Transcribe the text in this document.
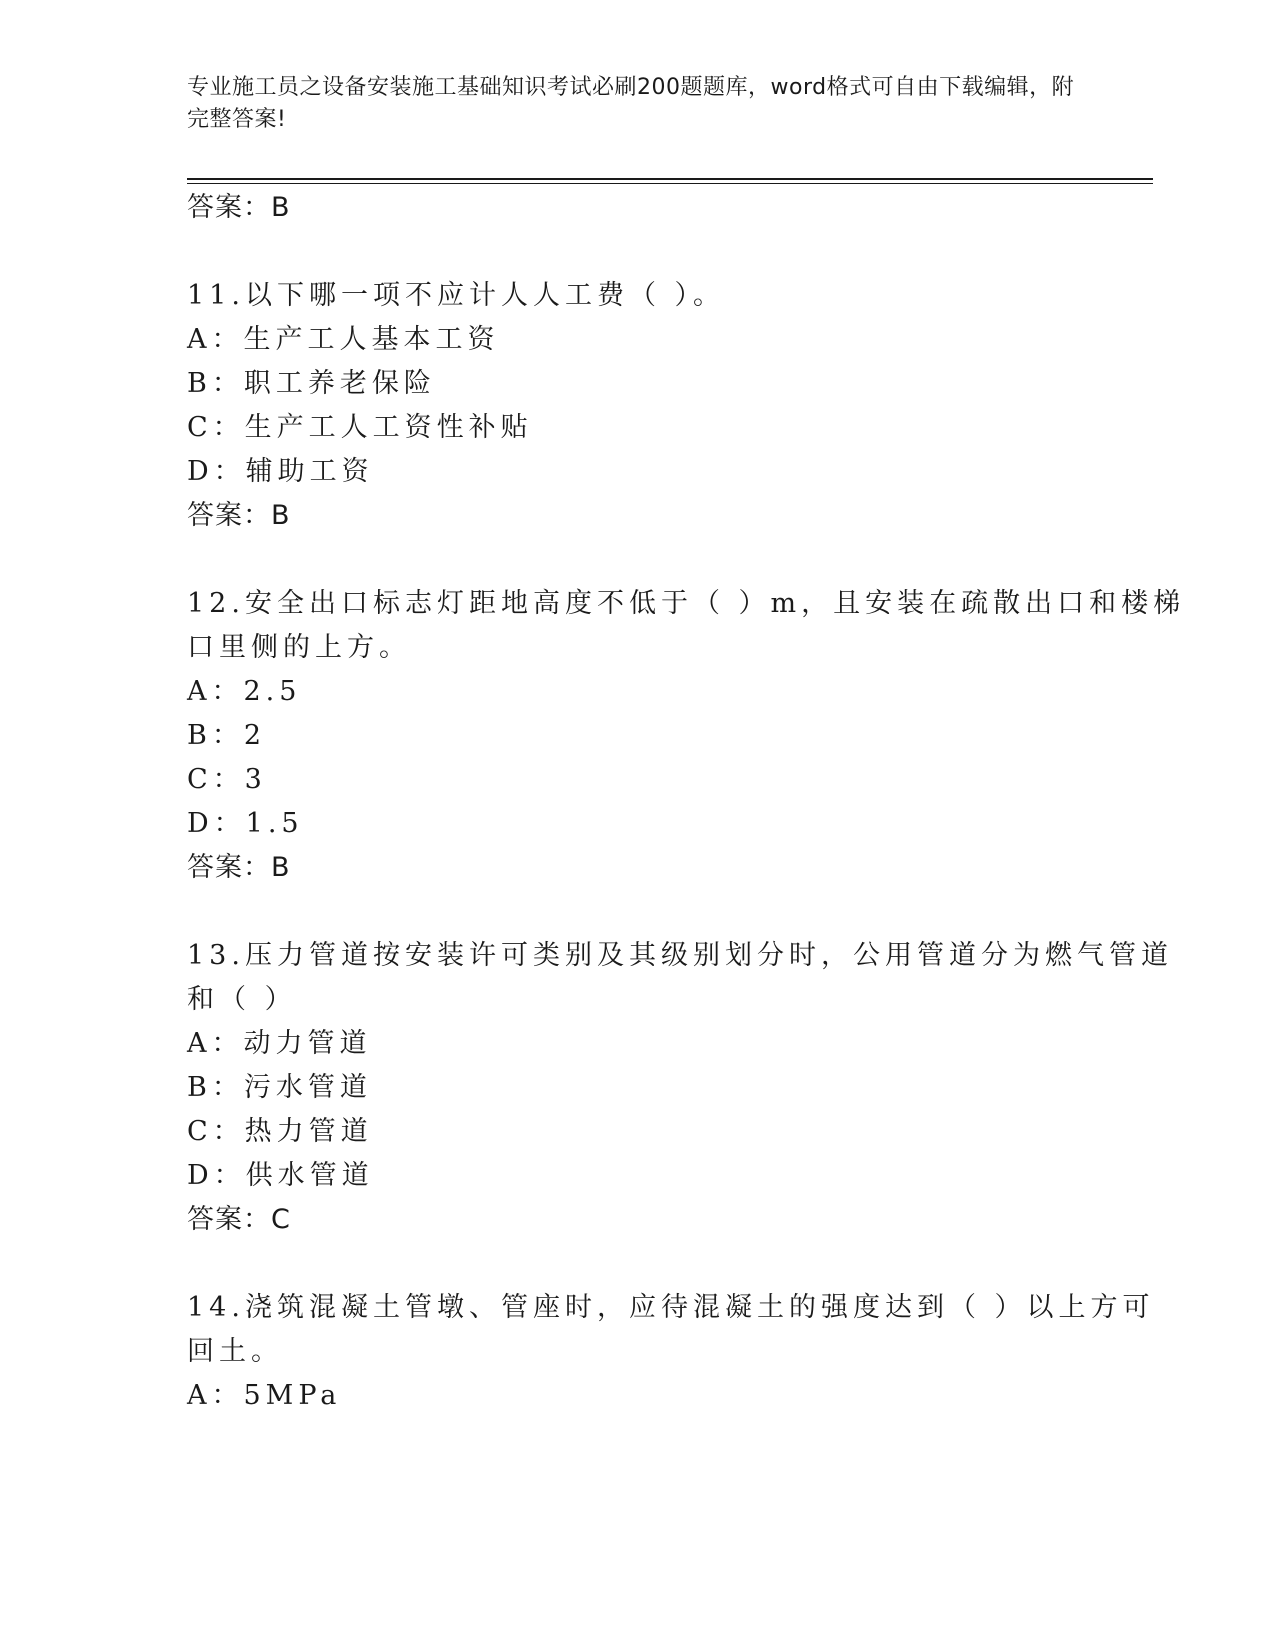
专业施工员之设备安装施工基础知识考试必刷200题题库，word格式可自由下载编辑，附完整答案!
答案：B
11.以下哪一项不应计人人工费（ ）。
A：生产工人基本工资
B：职工养老保险
C：生产工人工资性补贴
D：辅助工资
答案：B
12.安全出口标志灯距地高度不低于（ ）m，且安装在疏散出口和楼梯
口里侧的上方。
A：2.5
B：2
C：3
D：1.5
答案：B
13.压力管道按安装许可类别及其级别划分时，公用管道分为燃气管道
和（ ）
A：动力管道
B：污水管道
C：热力管道
D：供水管道
答案：C
14.浇筑混凝土管墩、管座时，应待混凝土的强度达到（ ）以上方可
回土。
A：5MPa
